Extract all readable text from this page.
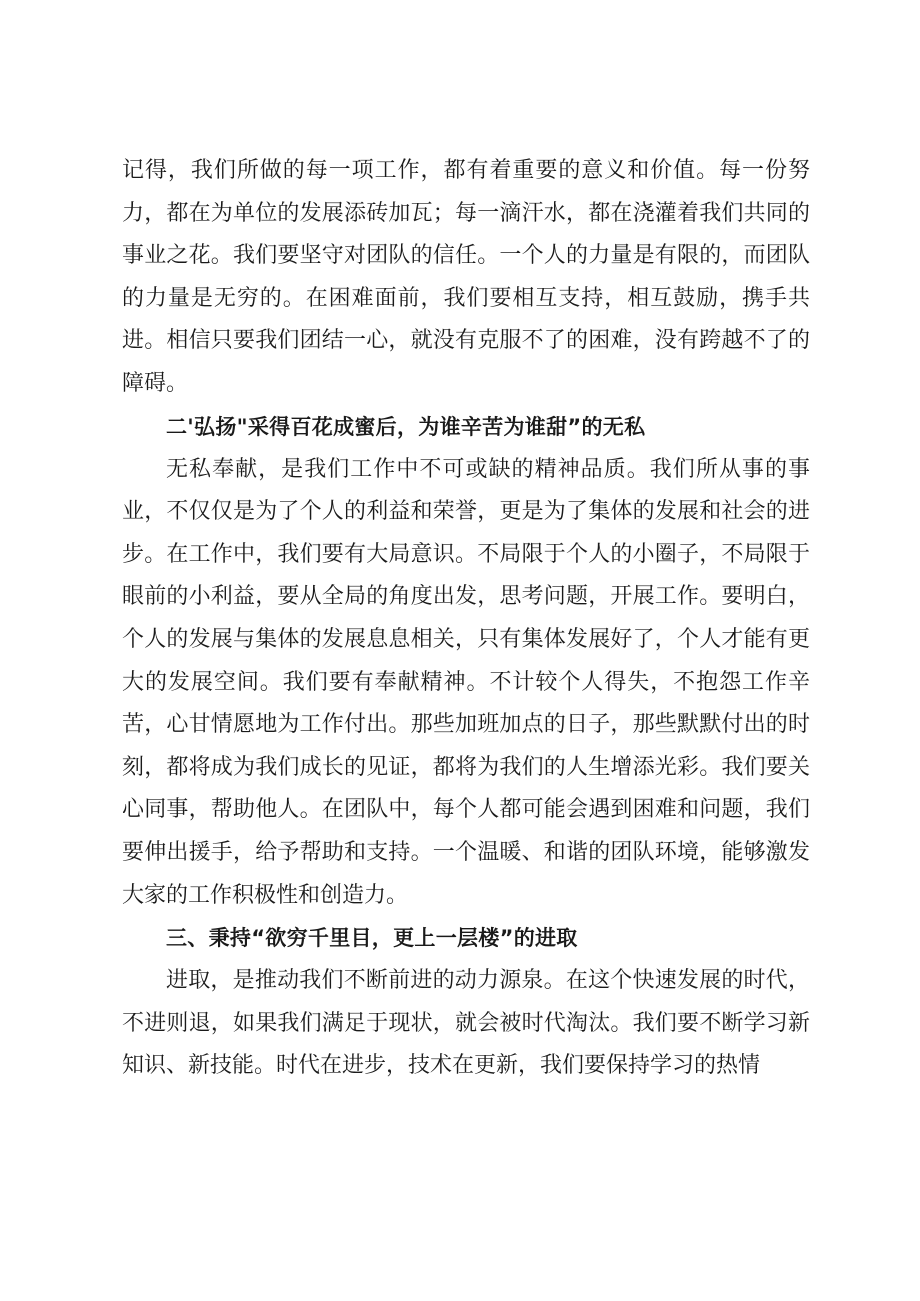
记得，我们所做的每一项工作，都有着重要的意义和价值。每一份努力，都在为单位的发展添砖加瓦；每一滴汗水，都在浇灌着我们共同的事业之花。我们要坚守对团队的信任。一个人的力量是有限的，而团队的力量是无穷的。在困难面前，我们要相互支持，相互鼓励，携手共进。相信只要我们团结一心，就没有克服不了的困难，没有跨越不了的障碍。

二'弘扬"采得百花成蜜后，为谁辛苦为谁甜”的无私

无私奉献，是我们工作中不可或缺的精神品质。我们所从事的事业，不仅仅是为了个人的利益和荣誉，更是为了集体的发展和社会的进步。在工作中，我们要有大局意识。不局限于个人的小圈子，不局限于眼前的小利益，要从全局的角度出发，思考问题，开展工作。要明白，个人的发展与集体的发展息息相关，只有集体发展好了，个人才能有更大的发展空间。我们要有奉献精神。不计较个人得失，不抱怨工作辛苦，心甘情愿地为工作付出。那些加班加点的日子，那些默默付出的时刻，都将成为我们成长的见证，都将为我们的人生增添光彩。我们要关心同事，帮助他人。在团队中，每个人都可能会遇到困难和问题，我们要伸出援手，给予帮助和支持。一个温暖、和谐的团队环境，能够激发大家的工作积极性和创造力。

三、秉持“欲穷千里目，更上一层楼”的进取

进取，是推动我们不断前进的动力源泉。在这个快速发展的时代，不进则退，如果我们满足于现状，就会被时代淘汰。我们要不断学习新知识、新技能。时代在进步，技术在更新，我们要保持学习的热情
